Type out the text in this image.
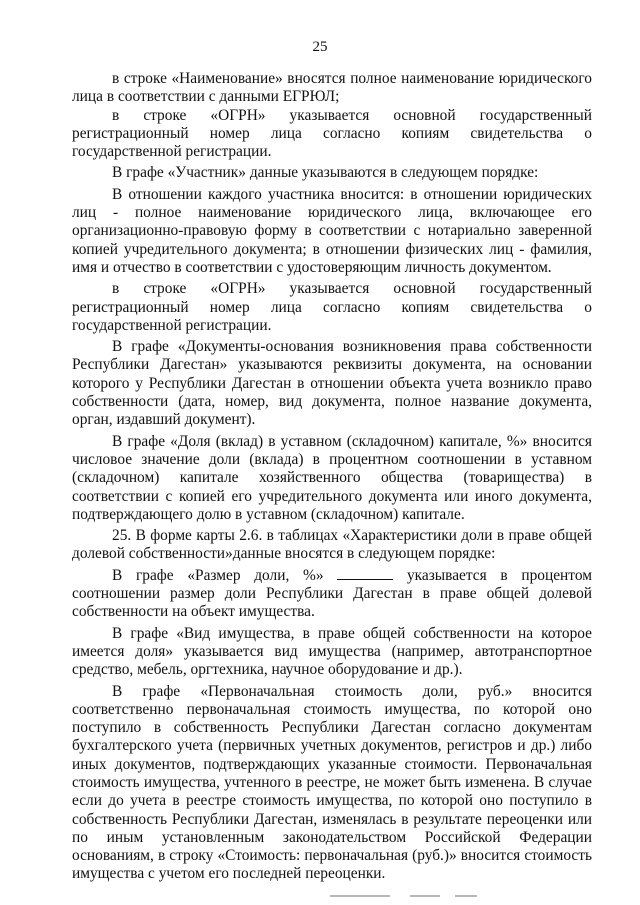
25

в строке «Наименование» вносятся полное наименование юридического лица в соответствии с данными ЕГРЮЛ;

в строке «ОГРН» указывается основной государственный регистрационный номер лица согласно копиям свидетельства о государственной регистрации.

В графе «Участник» данные указываются в следующем порядке:

В отношении каждого участника вносится: в отношении юридических лиц - полное наименование юридического лица, включающее его организационно-правовую форму в соответствии с нотариально заверенной копией учредительного документа; в отношении физических лиц - фамилия, имя и отчество в соответствии с удостоверяющим личность документом.

в строке «ОГРН» указывается основной государственный регистрационный номер лица согласно копиям свидетельства о государственной регистрации.

В графе «Документы-основания возникновения права собственности Республики Дагестан» указываются реквизиты документа, на основании которого у Республики Дагестан в отношении объекта учета возникло право собственности (дата, номер, вид документа, полное название документа, орган, издавший документ).

В графе «Доля (вклад) в уставном (складочном) капитале, %» вносится числовое значение доли (вклада) в процентном соотношении в уставном (складочном) капитале хозяйственного общества (товарищества) в соответствии с копией его учредительного документа или иного документа, подтверждающего долю в уставном (складочном) капитале.

25. В форме карты 2.6. в таблицах «Характеристики доли в праве общей долевой собственности»данные вносятся в следующем порядке:

В графе «Размер доли, %»	указывается в процентом соотношении размер доли Республики Дагестан в праве общей долевой собственности на объект имущества.

В графе «Вид имущества, в праве общей собственности на которое имеется доля» указывается вид имущества (например, автотранспортное средство, мебель, оргтехника, научное оборудование и др.).

В графе «Первоначальная стоимость доли, руб.» вносится соответственно первоначальная стоимость имущества, по которой оно поступило в собственность Республики Дагестан согласно документам бухгалтерского учета (первичных учетных документов, регистров и др.) либо иных документов, подтверждающих указанные стоимости. Первоначальная стоимость имущества, учтенного в реестре, не может быть изменена. В случае если до учета в реестре стоимость имущества, по которой оно поступило в собственность Республики Дагестан, изменялась в результате переоценки или по иным установленным законодательством Российской Федерации основаниям, в строку «Стоимость: первоначальная (руб.)» вносится стоимость имущества с учетом его последней переоценки.
